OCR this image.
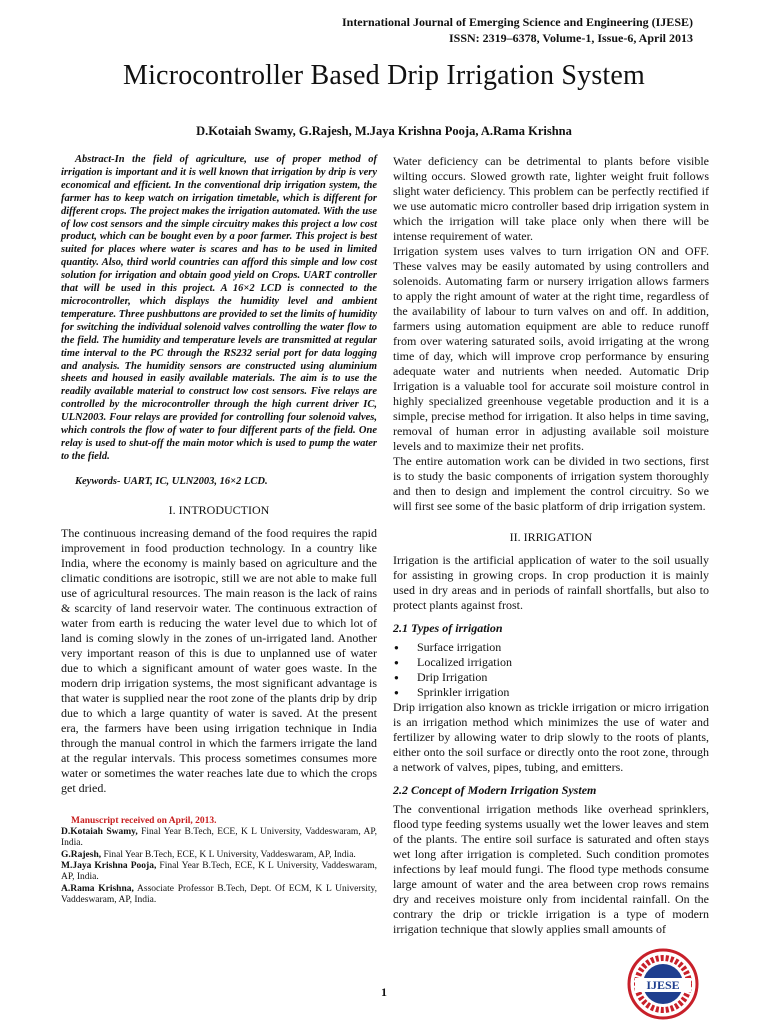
International Journal of Emerging Science and Engineering (IJESE)
ISSN: 2319–6378, Volume-1, Issue-6, April 2013
Microcontroller Based Drip Irrigation System
D.Kotaiah Swamy, G.Rajesh, M.Jaya Krishna Pooja, A.Rama Krishna

Abstract-In the field of agriculture, use of proper method of irrigation is important and it is well known that irrigation by drip is very economical and efficient. In the conventional drip irrigation system, the farmer has to keep watch on irrigation timetable, which is different for different crops. The project makes the irrigation automated. With the use of low cost sensors and the simple circuitry makes this project a low cost product, which can be bought even by a poor farmer. This project is best suited for places where water is scares and has to be used in limited quantity. Also, third world countries can afford this simple and low cost solution for irrigation and obtain good yield on Crops. UART controller that will be used in this project. A 16×2 LCD is connected to the microcontroller, which displays the humidity level and ambient temperature. Three pushbuttons are provided to set the limits of humidity for switching the individual solenoid valves controlling the water flow to the field. The humidity and temperature levels are transmitted at regular time interval to the PC through the RS232 serial port for data logging and analysis. The humidity sensors are constructed using aluminium sheets and housed in easily available materials. The aim is to use the readily available material to construct low cost sensors. Five relays are controlled by the microcontroller through the high current driver IC, ULN2003. Four relays are provided for controlling four solenoid valves, which controls the flow of water to four different parts of the field. One relay is used to shut-off the main motor which is used to pump the water to the field.

Keywords- UART, IC, ULN2003, 16×2 LCD.

I. INTRODUCTION

The continuous increasing demand of the food requires the rapid improvement in food production technology. In a country like India, where the economy is mainly based on agriculture and the climatic conditions are isotropic, still we are not able to make full use of agricultural resources. The main reason is the lack of rains & scarcity of land reservoir water. The continuous extraction of water from earth is reducing the water level due to which lot of land is coming slowly in the zones of un-irrigated land. Another very important reason of this is due to unplanned use of water due to which a significant amount of water goes waste. In the modern drip irrigation systems, the most significant advantage is that water is supplied near the root zone of the plants drip by drip due to which a large quantity of water is saved. At the present era, the farmers have been using irrigation technique in India through the manual control in which the farmers irrigate the land at the regular intervals. This process sometimes consumes more water or sometimes the water reaches late due to which the crops get dried.

Manuscript received on April, 2013.

D.Kotaiah Swamy, Final Year B.Tech, ECE, K L University, Vaddeswaram, AP, India.

G.Rajesh, Final Year B.Tech, ECE, K L University, Vaddeswaram, AP, India.

M.Jaya Krishna Pooja, Final Year B.Tech, ECE, K L University, Vaddeswaram, AP, India.

A.Rama Krishna, Associate Professor B.Tech, Dept. Of ECM, K L University, Vaddeswaram, AP, India.

Water deficiency can be detrimental to plants before visible wilting occurs. Slowed growth rate, lighter weight fruit follows slight water deficiency. This problem can be perfectly rectified if we use automatic micro controller based drip irrigation system in which the irrigation will take place only when there will be intense requirement of water.

Irrigation system uses valves to turn irrigation ON and OFF. These valves may be easily automated by using controllers and solenoids. Automating farm or nursery irrigation allows farmers to apply the right amount of water at the right time, regardless of the availability of labour to turn valves on and off. In addition, farmers using automation equipment are able to reduce runoff from over watering saturated soils, avoid irrigating at the wrong time of day, which will improve crop performance by ensuring adequate water and nutrients when needed. Automatic Drip Irrigation is a valuable tool for accurate soil moisture control in highly specialized greenhouse vegetable production and it is a simple, precise method for irrigation. It also helps in time saving, removal of human error in adjusting available soil moisture levels and to maximize their net profits.

The entire automation work can be divided in two sections, first is to study the basic components of irrigation system thoroughly and then to design and implement the control circuitry. So we will first see some of the basic platform of drip irrigation system.

II. IRRIGATION

Irrigation is the artificial application of water to the soil usually for assisting in growing crops. In crop production it is mainly used in dry areas and in periods of rainfall shortfalls, but also to protect plants against frost.

2.1 Types of irrigation
● Surface irrigation
● Localized irrigation
● Drip Irrigation
● Sprinkler irrigation

Drip irrigation also known as trickle irrigation or micro irrigation is an irrigation method which minimizes the use of water and fertilizer by allowing water to drip slowly to the roots of plants, either onto the soil surface or directly onto the root zone, through a network of valves, pipes, tubing, and emitters.

2.2 Concept of Modern Irrigation System

The conventional irrigation methods like overhead sprinklers, flood type feeding systems usually wet the lower leaves and stem of the plants. The entire soil surface is saturated and often stays wet long after irrigation is completed. Such condition promotes infections by leaf mould fungi. The flood type methods consume large amount of water and the area between crop rows remains dry and receives moisture only from incidental rainfall. On the contrary the drip or trickle irrigation is a type of modern irrigation technique that slowly applies small amounts of

1	IJESE
